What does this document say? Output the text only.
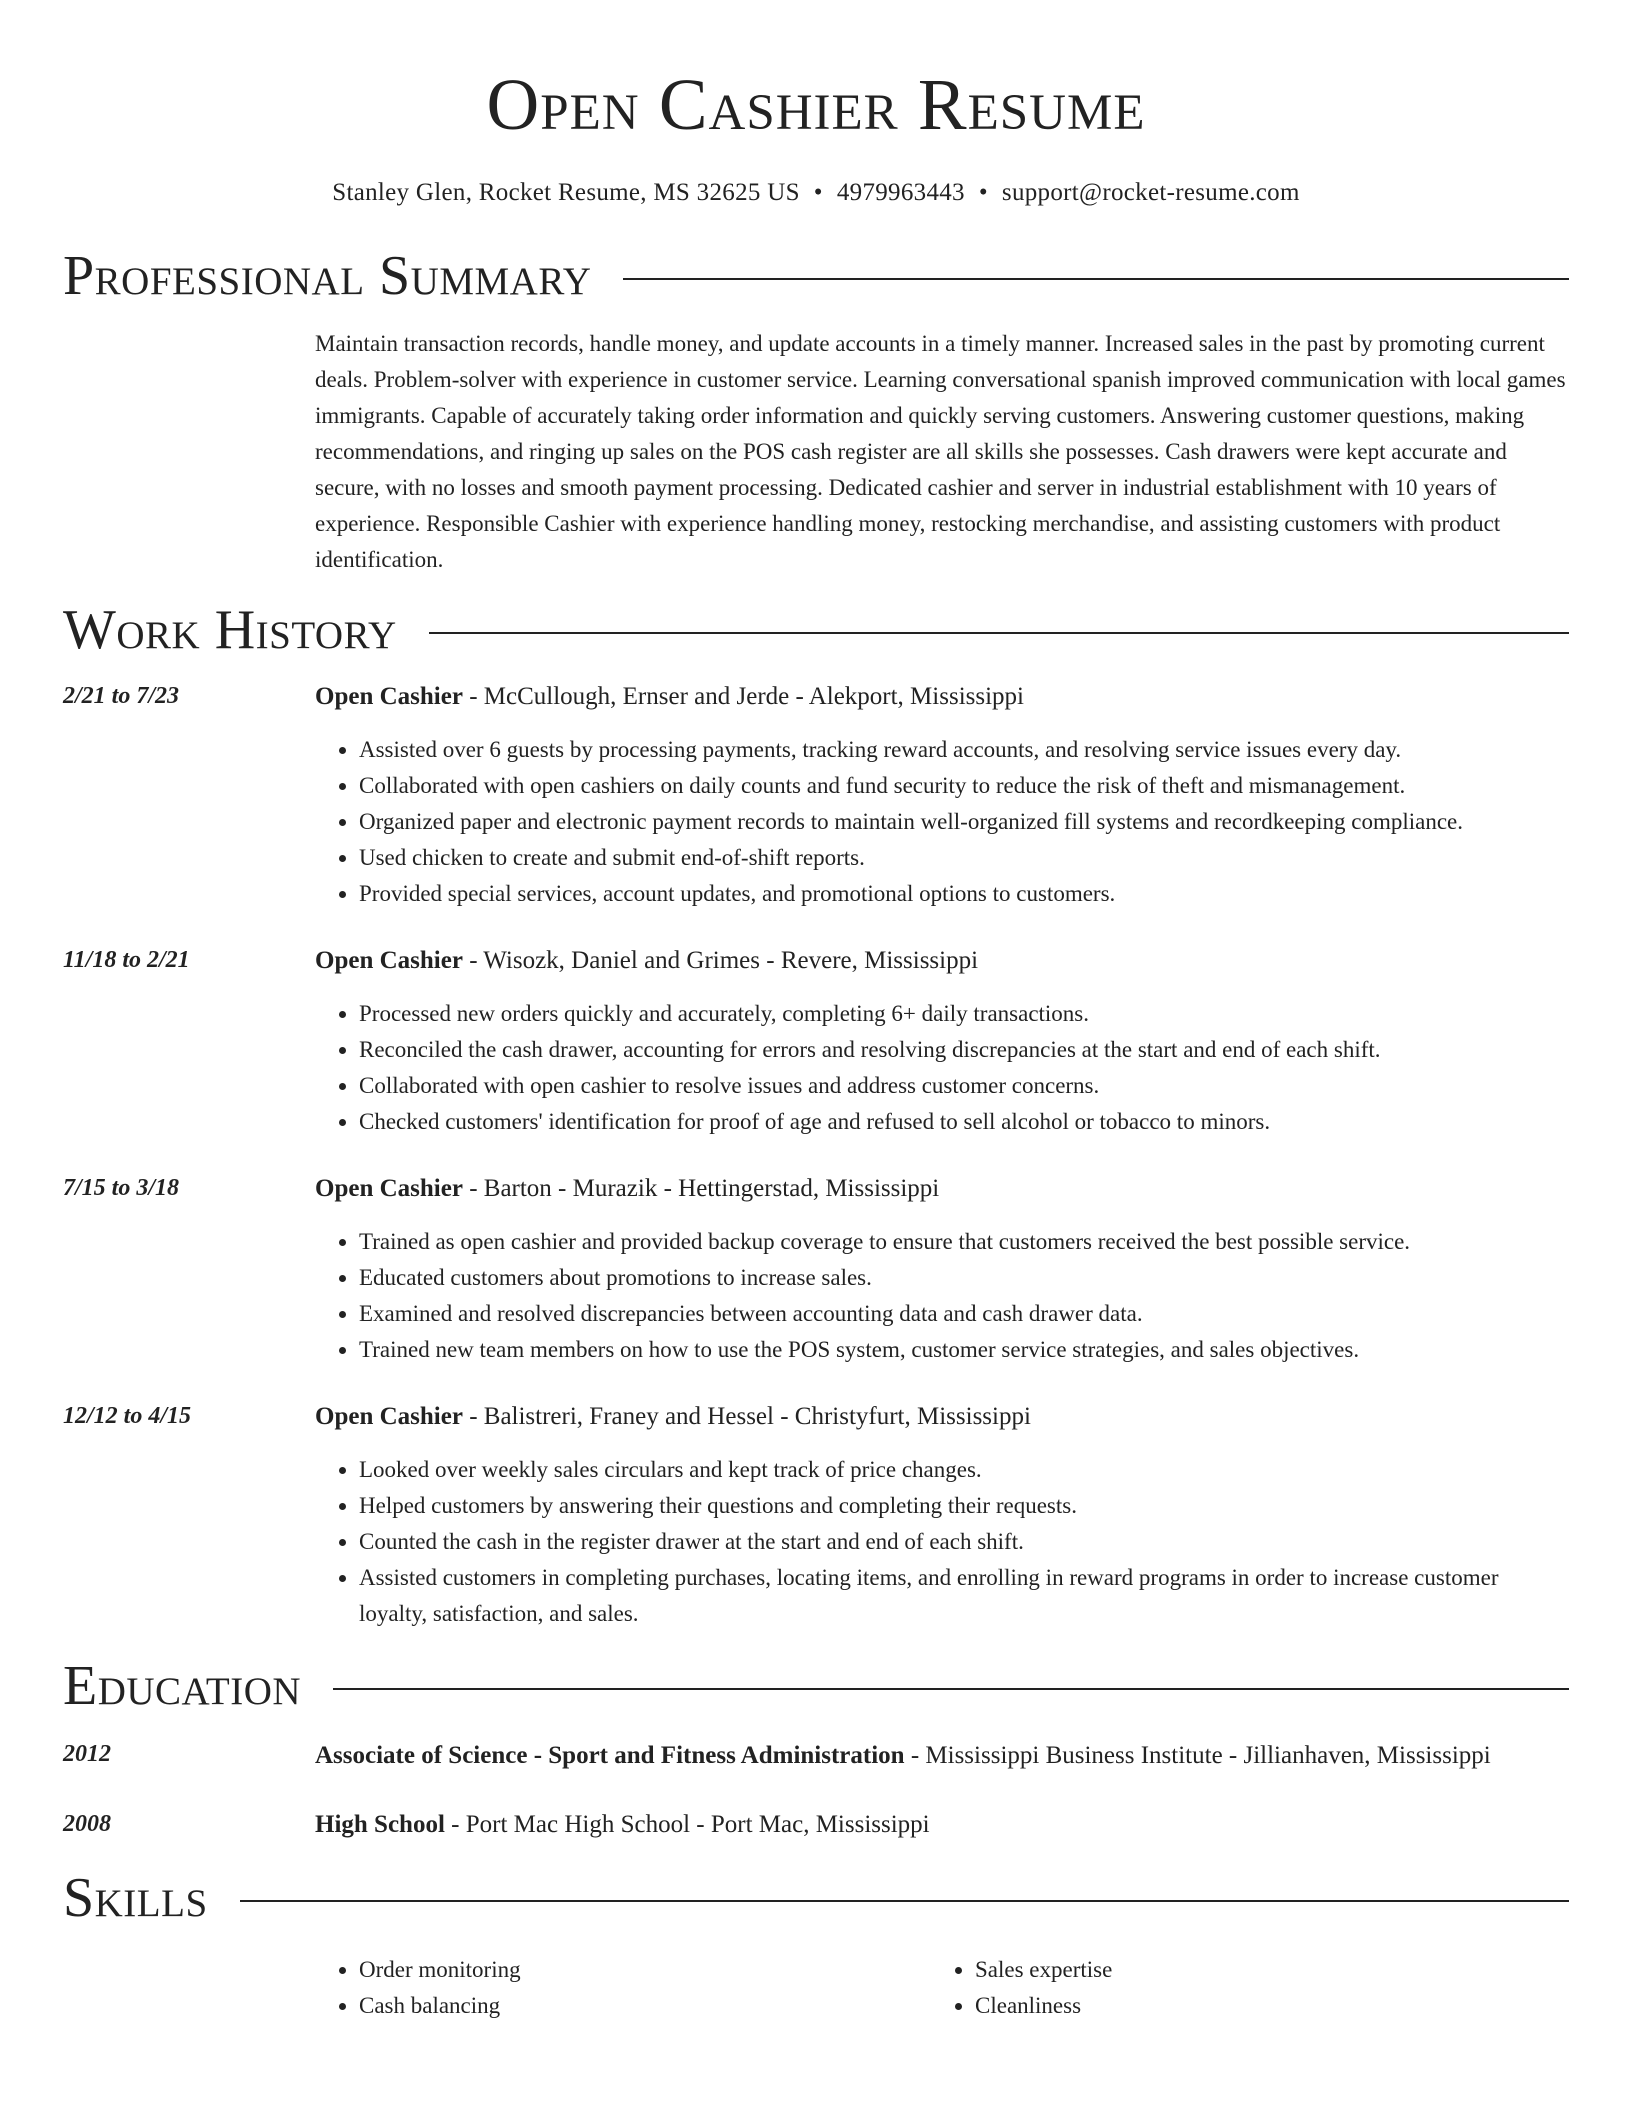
Open Cashier Resume
Stanley Glen, Rocket Resume, MS 32625 US • 4979963443 • support@rocket-resume.com
Professional Summary
Maintain transaction records, handle money, and update accounts in a timely manner. Increased sales in the past by promoting current deals. Problem-solver with experience in customer service. Learning conversational spanish improved communication with local games immigrants. Capable of accurately taking order information and quickly serving customers. Answering customer questions, making recommendations, and ringing up sales on the POS cash register are all skills she possesses. Cash drawers were kept accurate and secure, with no losses and smooth payment processing. Dedicated cashier and server in industrial establishment with 10 years of experience. Responsible Cashier with experience handling money, restocking merchandise, and assisting customers with product identification.
Work History
2/21 to 7/23	Open Cashier - McCullough, Ernser and Jerde - Alekport, Mississippi
• Assisted over 6 guests by processing payments, tracking reward accounts, and resolving service issues every day.
• Collaborated with open cashiers on daily counts and fund security to reduce the risk of theft and mismanagement.
• Organized paper and electronic payment records to maintain well-organized fill systems and recordkeeping compliance.
• Used chicken to create and submit end-of-shift reports.
• Provided special services, account updates, and promotional options to customers.
11/18 to 2/21	Open Cashier - Wisozk, Daniel and Grimes - Revere, Mississippi
• Processed new orders quickly and accurately, completing 6+ daily transactions.
• Reconciled the cash drawer, accounting for errors and resolving discrepancies at the start and end of each shift.
• Collaborated with open cashier to resolve issues and address customer concerns.
• Checked customers' identification for proof of age and refused to sell alcohol or tobacco to minors.
7/15 to 3/18	Open Cashier - Barton - Murazik - Hettingerstad, Mississippi
• Trained as open cashier and provided backup coverage to ensure that customers received the best possible service.
• Educated customers about promotions to increase sales.
• Examined and resolved discrepancies between accounting data and cash drawer data.
• Trained new team members on how to use the POS system, customer service strategies, and sales objectives.
12/12 to 4/15	Open Cashier - Balistreri, Franey and Hessel - Christyfurt, Mississippi
• Looked over weekly sales circulars and kept track of price changes.
• Helped customers by answering their questions and completing their requests.
• Counted the cash in the register drawer at the start and end of each shift.
• Assisted customers in completing purchases, locating items, and enrolling in reward programs in order to increase customer loyalty, satisfaction, and sales.
Education
2012	Associate of Science - Sport and Fitness Administration - Mississippi Business Institute - Jillianhaven, Mississippi
2008	High School - Port Mac High School - Port Mac, Mississippi
Skills
• Order monitoring
• Cash balancing
• Sales expertise
• Cleanliness
